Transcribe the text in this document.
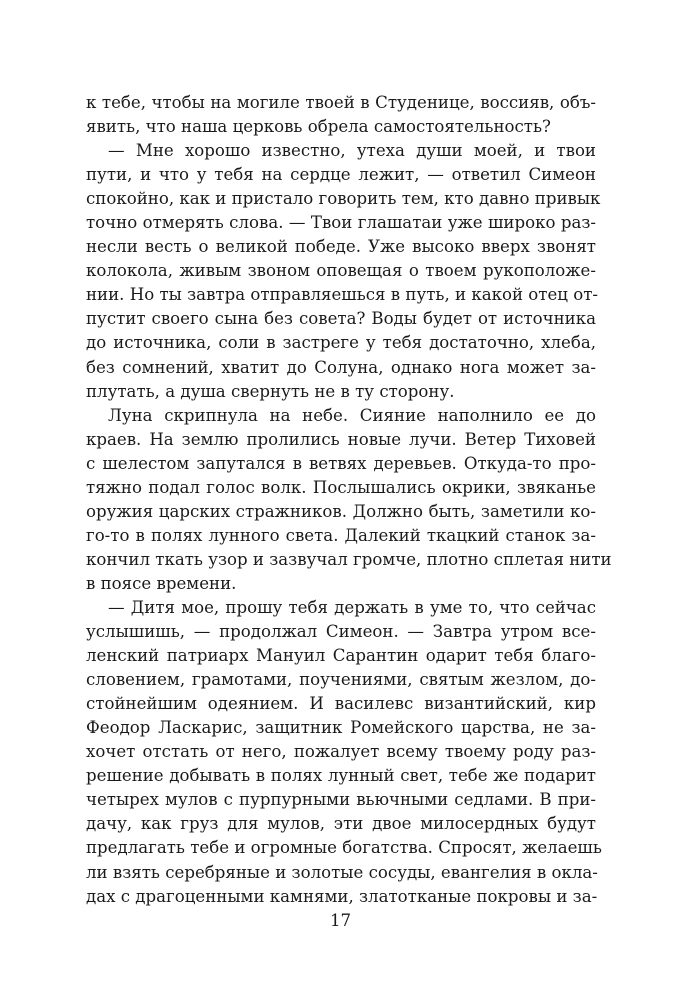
к тебе, чтобы на могиле твоей в Студенице, воссияв, объ-
явить, что наша церковь обрела самостоятельность?
— Мне хорошо известно, утеха души моей, и твои
пути, и что у тебя на сердце лежит, — ответил Симеон
спокойно, как и пристало говорить тем, кто давно привык
точно отмерять слова. — Твои глашатаи уже широко раз-
несли весть о великой победе. Уже высоко вверх звонят
колокола, живым звоном оповещая о твоем рукоположе-
нии. Но ты завтра отправляешься в путь, и какой отец от-
пустит своего сына без совета? Воды будет от источника
до источника, соли в застреге у тебя достаточно, хлеба,
без сомнений, хватит до Солуна, однако нога может за-
плутать, а душа свернуть не в ту сторону.
Луна скрипнула на небе. Сияние наполнило ее до
краев. На землю пролились новые лучи. Ветер Тиховей
с шелестом запутался в ветвях деревьев. Откуда-то про-
тяжно подал голос волк. Послышались окрики, звяканье
оружия царских стражников. Должно быть, заметили ко-
го-то в полях лунного света. Далекий ткацкий станок за-
кончил ткать узор и зазвучал громче, плотно сплетая нити
в поясе времени.
— Дитя мое, прошу тебя держать в уме то, что сейчас
услышишь, — продолжал Симеон. — Завтра утром все-
ленский патриарх Мануил Сарантин одарит тебя благо-
словением, грамотами, поучениями, святым жезлом, до-
стойнейшим одеянием. И василевс византийский, кир
Феодор Ласкарис, защитник Ромейского царства, не за-
хочет отстать от него, пожалует всему твоему роду раз-
решение добывать в полях лунный свет, тебе же подарит
четырех мулов с пурпурными вьючными седлами. В при-
дачу, как груз для мулов, эти двое милосердных будут
предлагать тебе и огромные богатства. Спросят, желаешь
ли взять серебряные и золотые сосуды, евангелия в окла-
дах с драгоценными камнями, златотканые покровы и за-
17
